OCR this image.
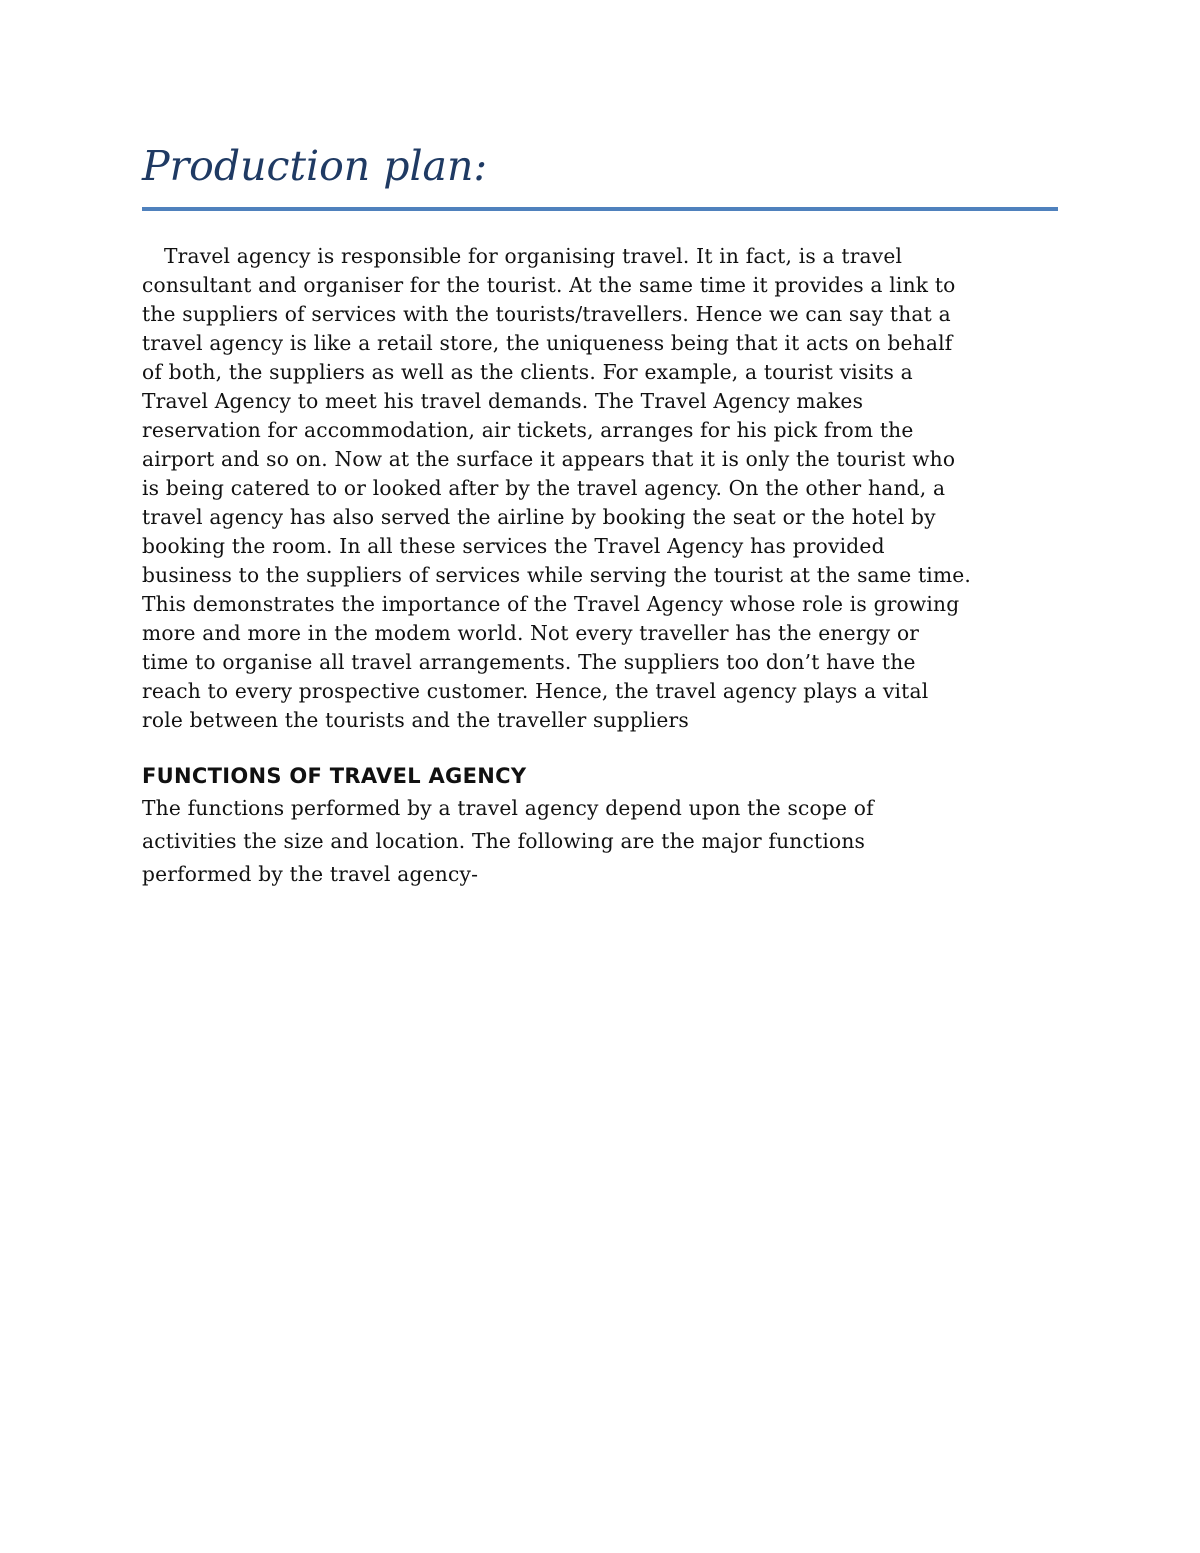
Production plan:
Travel agency is responsible for organising travel. It in fact, is a travel
consultant and organiser for the tourist. At the same time it provides a link to
the suppliers of services with the tourists/travellers. Hence we can say that a
travel agency is like a retail store, the uniqueness being that it acts on behalf
of both, the suppliers as well as the clients. For example, a tourist visits a
Travel Agency to meet his travel demands. The Travel Agency makes
reservation for accommodation, air tickets, arranges for his pick from the
airport and so on. Now at the surface it appears that it is only the tourist who
is being catered to or looked after by the travel agency. On the other hand, a
travel agency has also served the airline by booking the seat or the hotel by
booking the room. In all these services the Travel Agency has provided
business to the suppliers of services while serving the tourist at the same time.
This demonstrates the importance of the Travel Agency whose role is growing
more and more in the modem world. Not every traveller has the energy or
time to organise all travel arrangements. The suppliers too don’t have the
reach to every prospective customer. Hence, the travel agency plays a vital
role between the tourists and the traveller suppliers
FUNCTIONS OF TRAVEL AGENCY
The functions performed by a travel agency depend upon the scope of
activities the size and location. The following are the major functions
performed by the travel agency-
